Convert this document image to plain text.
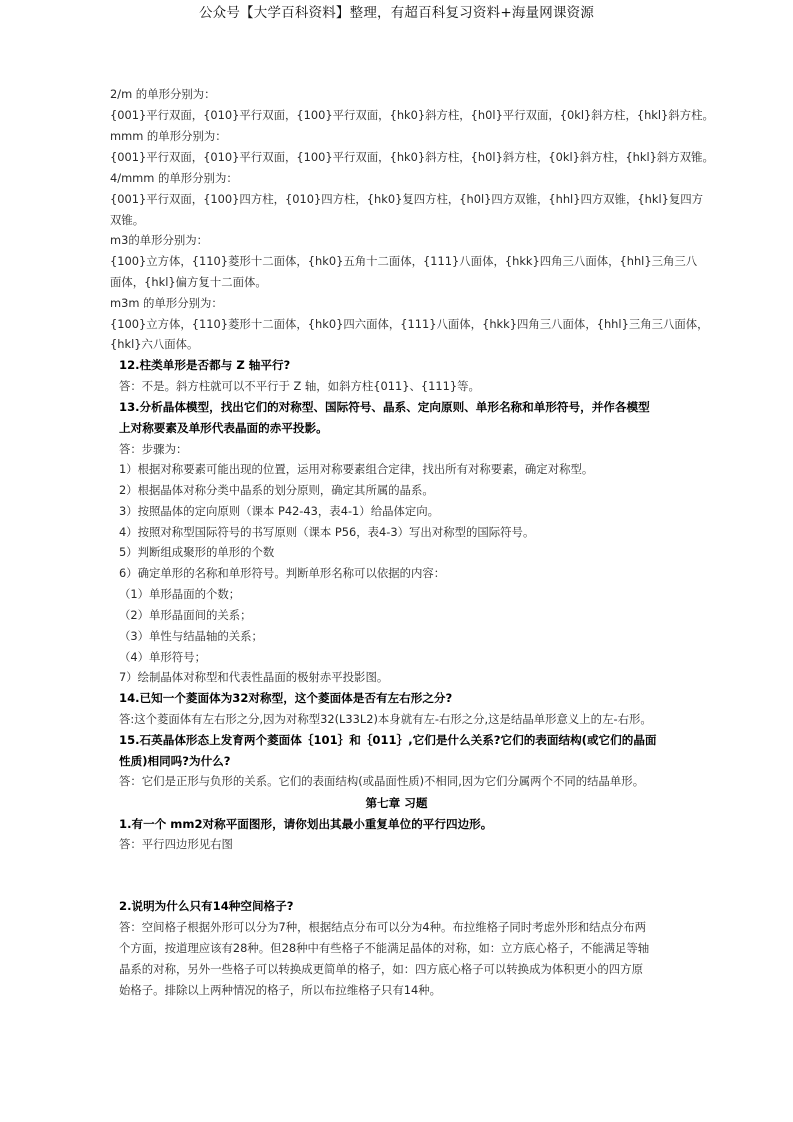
公众号【大学百科资料】整理，有超百科复习资料+海量网课资源
2/m 的单形分别为：
{001}平行双面，{010}平行双面，{100}平行双面，{hk0}斜方柱，{h0l}平行双面，{0kl}斜方柱，{hkl}斜方柱。
mmm 的单形分别为：
{001}平行双面，{010}平行双面，{100}平行双面，{hk0}斜方柱，{h0l}斜方柱，{0kl}斜方柱，{hkl}斜方双锥。
4/mmm 的单形分别为：
{001}平行双面，{100}四方柱，{010}四方柱，{hk0}复四方柱，{h0l}四方双锥，{hhl}四方双锥，{hkl}复四方
双锥。
m3的单形分别为：
{100}立方体，{110}菱形十二面体，{hk0}五角十二面体，{111}八面体，{hkk}四角三八面体，{hhl}三角三八
面体，{hkl}偏方复十二面体。
m3m 的单形分别为：
{100}立方体，{110}菱形十二面体，{hk0}四六面体，{111}八面体，{hkk}四角三八面体，{hhl}三角三八面体，
{hkl}六八面体。
12.柱类单形是否都与 Z 轴平行?
答：不是。斜方柱就可以不平行于 Z 轴，如斜方柱{011}、{111}等。
13.分析晶体模型，找出它们的对称型、国际符号、晶系、定向原则、单形名称和单形符号，并作各模型
上对称要素及单形代表晶面的赤平投影。
答：步骤为：
1）根据对称要素可能出现的位置，运用对称要素组合定律，找出所有对称要素，确定对称型。
2）根据晶体对称分类中晶系的划分原则，确定其所属的晶系。
3）按照晶体的定向原则（课本 P42-43，表4-1）给晶体定向。
4）按照对称型国际符号的书写原则（课本 P56，表4-3）写出对称型的国际符号。
5）判断组成聚形的单形的个数
6）确定单形的名称和单形符号。判断单形名称可以依据的内容：
（1）单形晶面的个数；
（2）单形晶面间的关系；
（3）单性与结晶轴的关系；
（4）单形符号；
7）绘制晶体对称型和代表性晶面的极射赤平投影图。
14.已知一个菱面体为32对称型，这个菱面体是否有左右形之分?
答:这个菱面体有左右形之分,因为对称型32(L33L2)本身就有左-右形之分,这是结晶单形意义上的左-右形。
15.石英晶体形态上发育两个菱面体｛101｝和｛011｝,它们是什么关系?它们的表面结构(或它们的晶面
性质)相同吗?为什么?
答：它们是正形与负形的关系。它们的表面结构(或晶面性质)不相同,因为它们分属两个不同的结晶单形。
第七章 习题
1.有一个 mm2对称平面图形，请你划出其最小重复单位的平行四边形。
答：平行四边形见右图
2.说明为什么只有14种空间格子?
答：空间格子根据外形可以分为7种，根据结点分布可以分为4种。布拉维格子同时考虑外形和结点分布两
个方面，按道理应该有28种。但28种中有些格子不能满足晶体的对称，如：立方底心格子，不能满足等轴
晶系的对称，另外一些格子可以转换成更简单的格子，如：四方底心格子可以转换成为体积更小的四方原
始格子。排除以上两种情况的格子，所以布拉维格子只有14种。
